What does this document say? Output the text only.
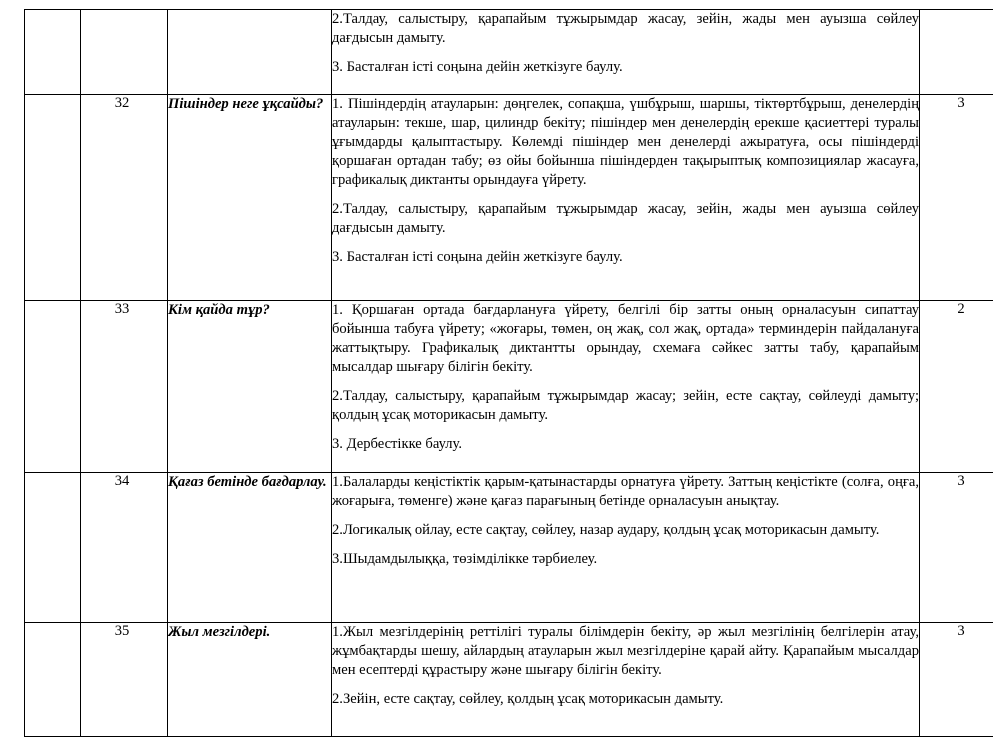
			2.Талдау, салыстыру, қарапайым тұжырымдар жасау, зейін, жады мен ауызша сөйлеу дағдысын дамыту.

3. Басталған істі соңына дейін жеткізуге баулу.	

	32	Пішіндер неге ұқсайды?	1. Пішіндердің атауларын: дөңгелек, сопақша, үшбұрыш, шаршы, тіктөртбұрыш, денелердің атауларын: текше, шар, цилиндр бекіту; пішіндер мен денелердің ерекше қасиеттері туралы ұғымдарды қалыптастыру. Көлемді пішіндер мен денелерді ажыратуға, осы пішіндерді қоршаған ортадан табу; өз ойы бойынша пішіндерден тақырыптық композициялар жасауға, графикалық диктанты орындауға үйрету.

2.Талдау, салыстыру, қарапайым тұжырымдар жасау, зейін, жады мен ауызша сөйлеу дағдысын дамыту.

3. Басталған істі соңына дейін жеткізуге баулу.	3
	33	Кім қайда тұр?	1. Қоршаған ортада бағдарлануға үйрету, белгілі бір затты оның орналасуын сипаттау бойынша табуға үйрету; «жоғары, төмен, оң жақ, сол жақ, ортада» терминдерін пайдалануға жаттықтыру. Графикалық диктантты орындау, схемаға сәйкес затты табу, қарапайым мысалдар шығару білігін бекіту.

2.Талдау, салыстыру, қарапайым тұжырымдар жасау; зейін, есте сақтау, сөйлеуді дамыту; қолдың ұсақ моторикасын дамыту.

3. Дербестікке баулу.	2
	34	Қағаз бетінде бағдарлау.	1.Балаларды кеңістіктік қарым-қатынастарды орнатуға үйрету. Заттың кеңістікте (солға, оңға, жоғарыға, төменге) және қағаз парағының бетінде орналасуын анықтау.

2.Логикалық ойлау, есте сақтау, сөйлеу, назар аудару, қолдың ұсақ моторикасын дамыту.

3.Шыдамдылыққа, төзімділікке тәрбиелеу.	3
	35	Жыл мезгілдері.	1.Жыл мезгілдерінің реттілігі туралы білімдерін бекіту, әр жыл мезгілінің белгілерін атау, жұмбақтарды шешу, айлардың атауларын жыл мезгілдеріне қарай айту. Қарапайым мысалдар мен есептерді құрастыру және шығару білігін бекіту.

2.Зейін, есте сақтау, сөйлеу, қолдың ұсақ моторикасын дамыту.	3
